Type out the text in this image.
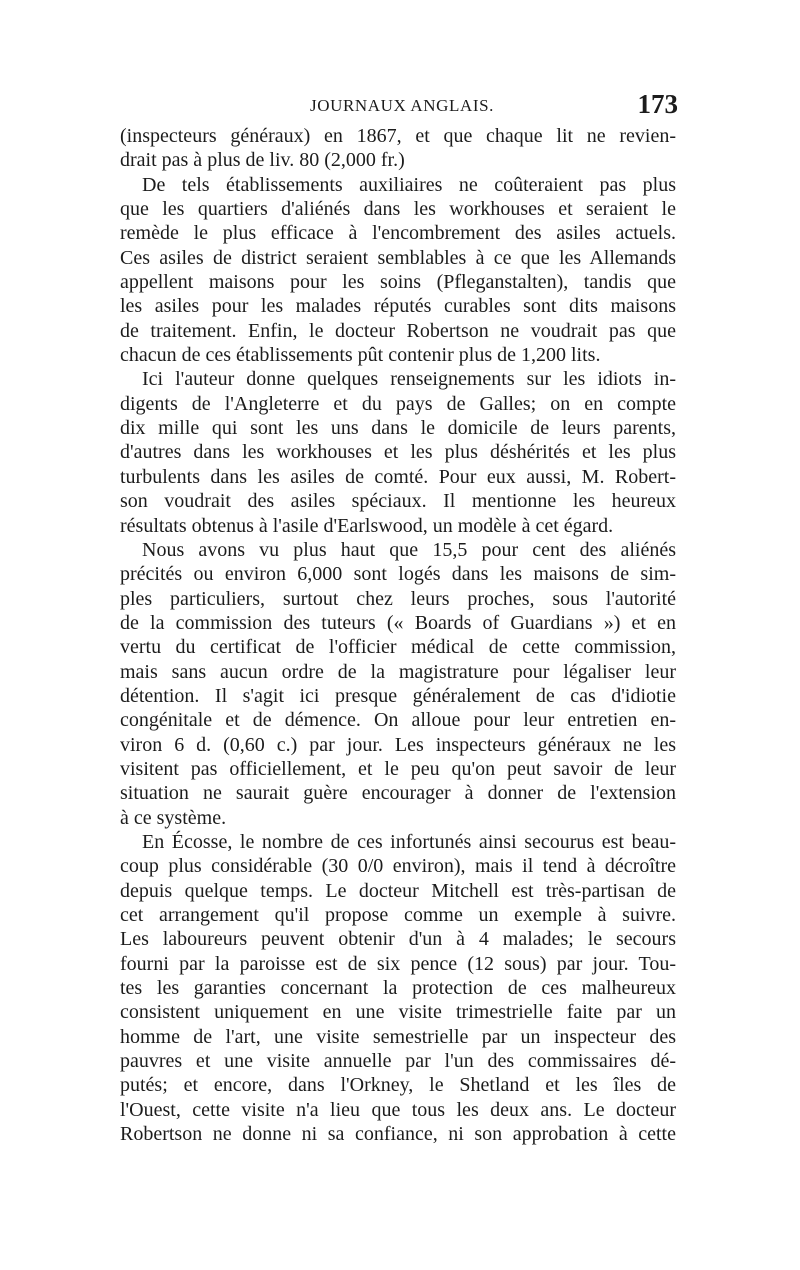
JOURNAUX ANGLAIS.	173
(inspecteurs généraux) en 1867, et que chaque lit ne revien-
drait pas à plus de liv. 80 (2,000 fr.)
De tels établissements auxiliaires ne coûteraient pas plus
que les quartiers d'aliénés dans les workhouses et seraient le
remède le plus efficace à l'encombrement des asiles actuels.
Ces asiles de district seraient semblables à ce que les Allemands
appellent maisons pour les soins (Pfleganstalten), tandis que
les asiles pour les malades réputés curables sont dits maisons
de traitement. Enfin, le docteur Robertson ne voudrait pas que
chacun de ces établissements pût contenir plus de 1,200 lits.
Ici l'auteur donne quelques renseignements sur les idiots in-
digents de l'Angleterre et du pays de Galles; on en compte
dix mille qui sont les uns dans le domicile de leurs parents,
d'autres dans les workhouses et les plus déshérités et les plus
turbulents dans les asiles de comté. Pour eux aussi, M. Robert-
son voudrait des asiles spéciaux. Il mentionne les heureux
résultats obtenus à l'asile d'Earlswood, un modèle à cet égard.
Nous avons vu plus haut que 15,5 pour cent des aliénés
précités ou environ 6,000 sont logés dans les maisons de sim-
ples particuliers, surtout chez leurs proches, sous l'autorité
de la commission des tuteurs (« Boards of Guardians ») et en
vertu du certificat de l'officier médical de cette commission,
mais sans aucun ordre de la magistrature pour légaliser leur
détention. Il s'agit ici presque généralement de cas d'idiotie
congénitale et de démence. On alloue pour leur entretien en-
viron 6 d. (0,60 c.) par jour. Les inspecteurs généraux ne les
visitent pas officiellement, et le peu qu'on peut savoir de leur
situation ne saurait guère encourager à donner de l'extension
à ce système.
En Écosse, le nombre de ces infortunés ainsi secourus est beau-
coup plus considérable (30 0/0 environ), mais il tend à décroître
depuis quelque temps. Le docteur Mitchell est très-partisan de
cet arrangement qu'il propose comme un exemple à suivre.
Les laboureurs peuvent obtenir d'un à 4 malades; le secours
fourni par la paroisse est de six pence (12 sous) par jour. Tou-
tes les garanties concernant la protection de ces malheureux
consistent uniquement en une visite trimestrielle faite par un
homme de l'art, une visite semestrielle par un inspecteur des
pauvres et une visite annuelle par l'un des commissaires dé-
putés; et encore, dans l'Orkney, le Shetland et les îles de
l'Ouest, cette visite n'a lieu que tous les deux ans. Le docteur
Robertson ne donne ni sa confiance, ni son approbation à cette
